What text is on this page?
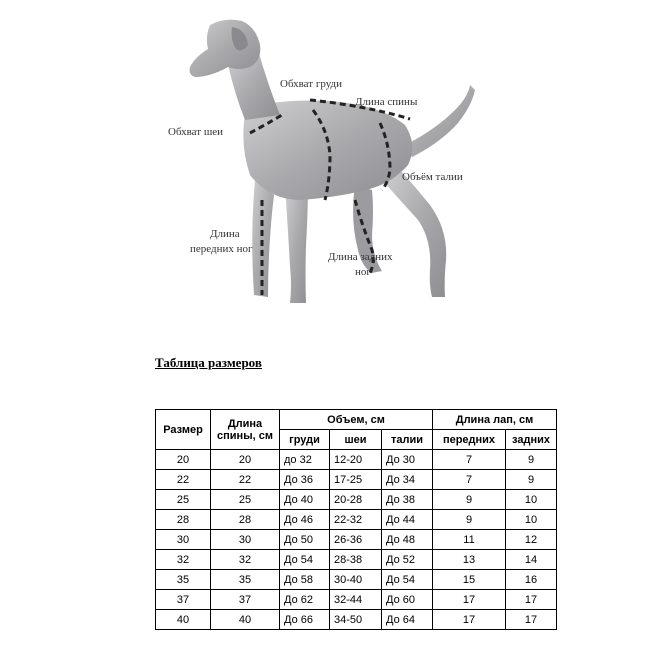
Обхват груди
Длина спины
Обхват шеи
Объём талии
Длина
передних ног
Длина задних
ног
Таблица размеров
Размер	Длина
спины, см	Объем, см			Длина лап, см	
		груди	шеи	талии	передних	задних
20	20	до 32	12-20	До 30	7	9
22	22	До 36	17-25	До 34	7	9
25	25	До 40	20-28	До 38	9	10
28	28	До 46	22-32	До 44	9	10
30	30	До 50	26-36	До 48	11	12
32	32	До 54	28-38	До 52	13	14
35	35	До 58	30-40	До 54	15	16
37	37	До 62	32-44	До 60	17	17
40	40	До 66	34-50	До 64	17	17
